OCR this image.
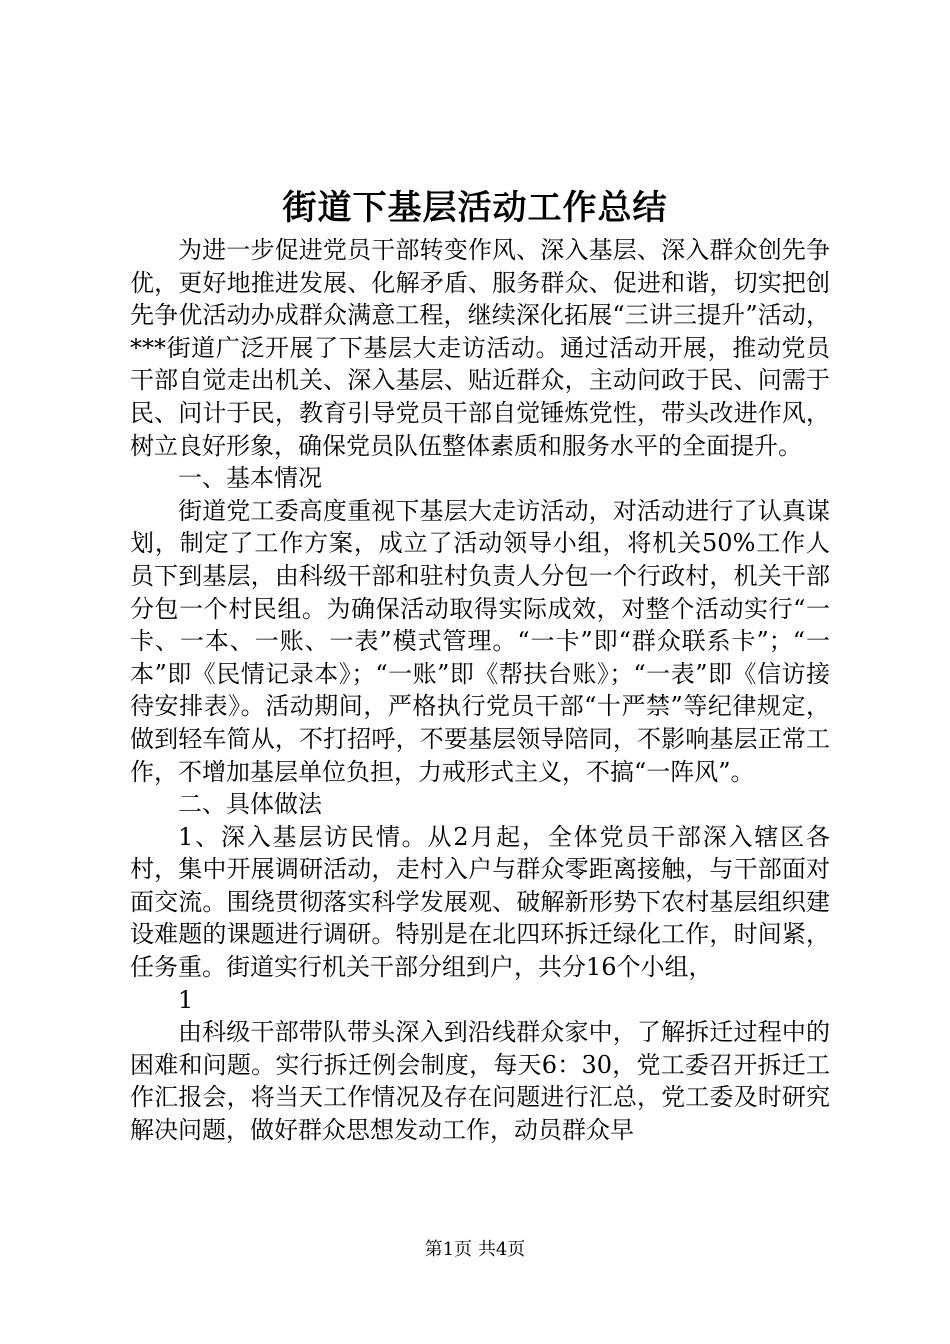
街道下基层活动工作总结

为进一步促进党员干部转变作风、深入基层、深入群众创先争优，更好地推进发展、化解矛盾、服务群众、促进和谐，切实把创先争优活动办成群众满意工程，继续深化拓展“三讲三提升”活动，***街道广泛开展了下基层大走访活动。通过活动开展，推动党员干部自觉走出机关、深入基层、贴近群众，主动问政于民、问需于民、问计于民，教育引导党员干部自觉锤炼党性，带头改进作风，树立良好形象，确保党员队伍整体素质和服务水平的全面提升。

一、基本情况

街道党工委高度重视下基层大走访活动，对活动进行了认真谋划，制定了工作方案，成立了活动领导小组，将机关50%工作人员下到基层，由科级干部和驻村负责人分包一个行政村，机关干部分包一个村民组。为确保活动取得实际成效，对整个活动实行“一卡、一本、一账、一表”模式管理。“一卡”即“群众联系卡”；“一本”即《民情记录本》；“一账”即《帮扶台账》；“一表”即《信访接待安排表》。活动期间，严格执行党员干部“十严禁”等纪律规定，做到轻车简从，不打招呼，不要基层领导陪同，不影响基层正常工作，不增加基层单位负担，力戒形式主义，不搞“一阵风”。

二、具体做法

1、深入基层访民情。从2月起，全体党员干部深入辖区各村，集中开展调研活动，走村入户与群众零距离接触，与干部面对面交流。围绕贯彻落实科学发展观、破解新形势下农村基层组织建设难题的课题进行调研。特别是在北四环拆迁绿化工作，时间紧，任务重。街道实行机关干部分组到户，共分16个小组，

1

由科级干部带队带头深入到沿线群众家中，了解拆迁过程中的困难和问题。实行拆迁例会制度，每天6：30，党工委召开拆迁工作汇报会，将当天工作情况及存在问题进行汇总，党工委及时研究解决问题，做好群众思想发动工作，动员群众早

第1页 共4页
